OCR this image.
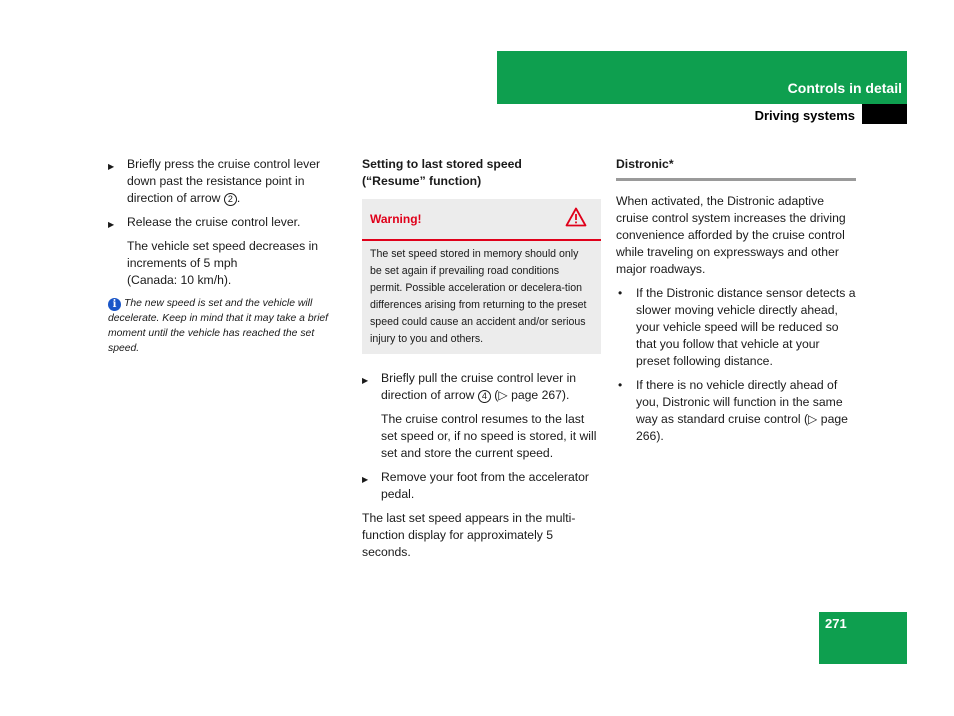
Controls in detail
Driving systems
▶ Briefly press the cruise control lever down past the resistance point in direction of arrow 2 .
▶ Release the cruise control lever.
The vehicle set speed decreases in increments of 5 mph
(Canada: 10 km/h).
i The new speed is set and the vehicle will decelerate. Keep in mind that it may take a brief moment until the vehicle has reached the set speed.
Setting to last stored speed
(“Resume” function)
Warning!
The set speed stored in memory should only be set again if prevailing road conditions permit. Possible acceleration or decelera-tion differences arising from returning to the preset speed could cause an accident and/or serious injury to you and others.
▶ Briefly pull the cruise control lever in direction of arrow 4 (▷ page 267).
The cruise control resumes to the last set speed or, if no speed is stored, it will set and store the current speed.
▶ Remove your foot from the accelerator pedal.
The last set speed appears in the multi-function display for approximately 5 seconds.
Distronic*
When activated, the Distronic adaptive cruise control system increases the driving convenience afforded by the cruise control while traveling on expressways and other major roadways.
• If the Distronic distance sensor detects a slower moving vehicle directly ahead, your vehicle speed will be reduced so that you follow that vehicle at your preset following distance.
• If there is no vehicle directly ahead of you, Distronic will function in the same way as standard cruise control (▷ page 266).
271
